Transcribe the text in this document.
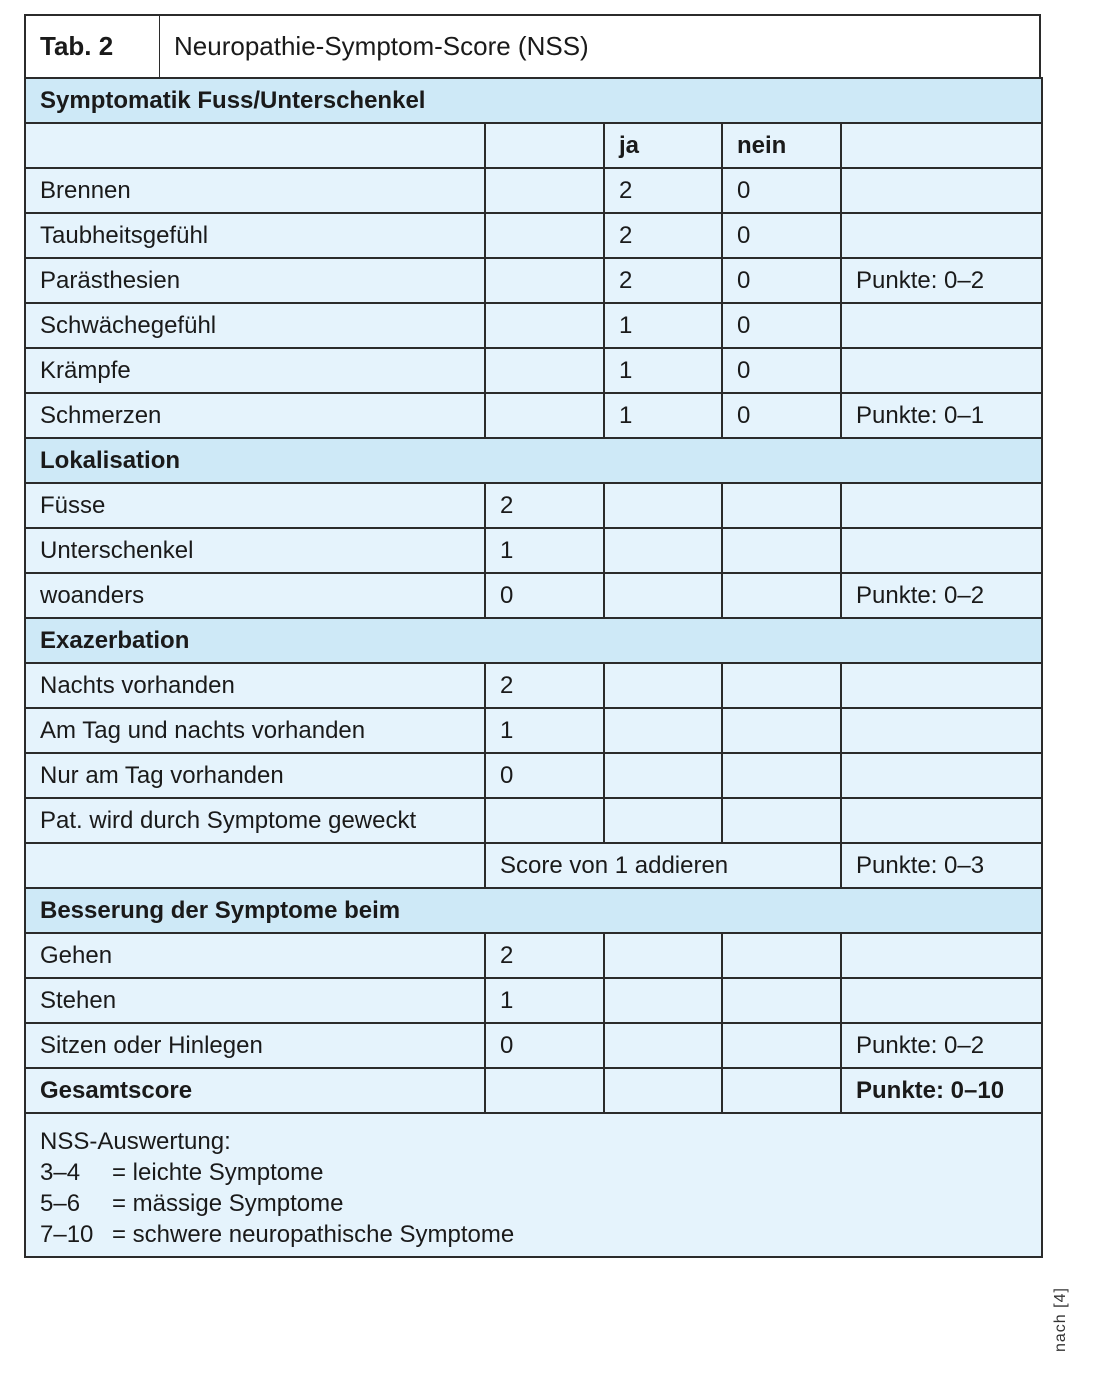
Tab. 2	Neuropathie-Symptom-Score (NSS)
Symptomatik Fuss/Unterschenkel				
		ja	nein	
Brennen		2	0	
Taubheitsgefühl		2	0	
Parästhesien		2	0	Punkte: 0–2
Schwächegefühl		1	0	
Krämpfe		1	0	
Schmerzen		1	0	Punkte: 0–1
Lokalisation				
Füsse	2			
Unterschenkel	1			
woanders	0			Punkte: 0–2
Exazerbation				
Nachts vorhanden	2			
Am Tag und nachts vorhanden	1			
Nur am Tag vorhanden	0			
Pat. wird durch Symptome geweckt				
	Score von 1 addieren			Punkte: 0–3
Besserung der Symptome beim				
Gehen	2			
Stehen	1			
Sitzen oder Hinlegen	0			Punkte: 0–2
Gesamtscore				Punkte: 0–10

NSS-Auswertung:
3–4 = leichte Symptome
5–6 = mässige Symptome
7–10 = schwere neuropathische Symptome				
nach [4]
